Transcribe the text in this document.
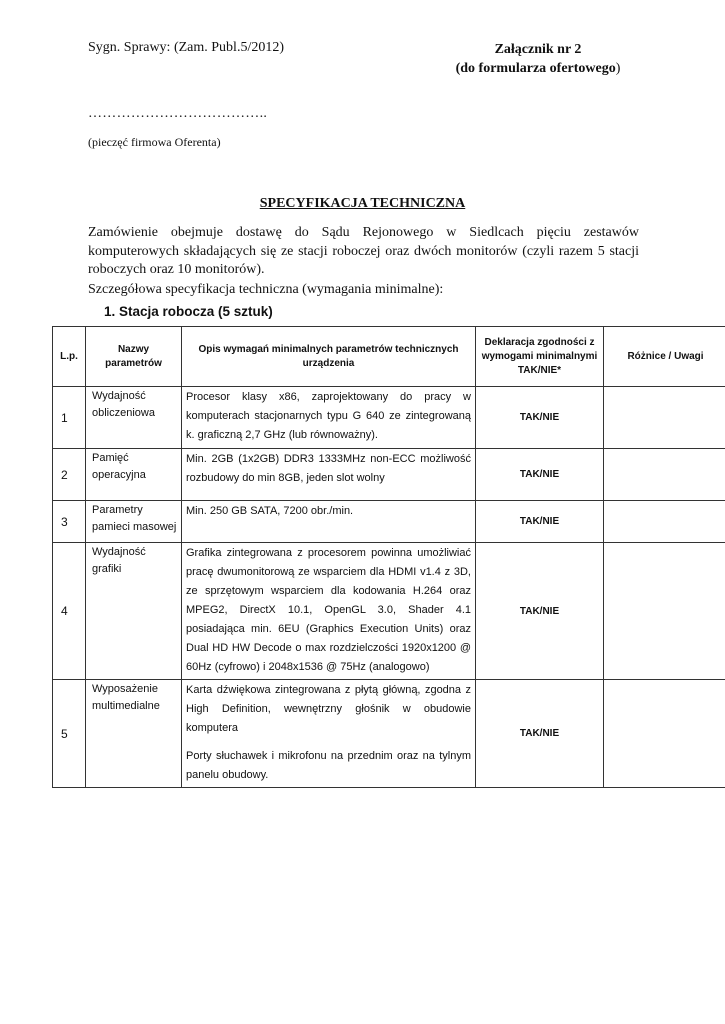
Sygn. Sprawy: (Zam. Publ.5/2012)	Załącznik nr 2
(do formularza ofertowego)
………………………………..
(pieczęć firmowa Oferenta)
SPECYFIKACJA TECHNICZNA
Zamówienie obejmuje dostawę do Sądu Rejonowego w Siedlcach pięciu zestawów komputerowych składających się ze stacji roboczej oraz dwóch monitorów (czyli razem 5 stacji roboczych oraz 10 monitorów).
Szczegółowa specyfikacja techniczna (wymagania minimalne):
1. Stacja robocza (5 sztuk)
L.p.	Nazwy parametrów	Opis wymagań minimalnych parametrów technicznych urządzenia	Deklaracja zgodności z wymogami minimalnymi TAK/NIE*	Różnice / Uwagi
1	Wydajność obliczeniowa	Procesor klasy x86, zaprojektowany do pracy w komputerach stacjonarnych typu G 640 ze zintegrowaną k. graficzną 2,7 GHz (lub równoważny).	TAK/NIE	
2	Pamięć operacyjna	Min. 2GB (1x2GB) DDR3 1333MHz non-ECC możliwość rozbudowy do min 8GB, jeden slot wolny	TAK/NIE	
3	Parametry pamieci masowej	Min. 250 GB SATA, 7200 obr./min.	TAK/NIE	
4	Wydajność grafiki	Grafika zintegrowana z procesorem powinna umożliwiać pracę dwumonitorową ze wsparciem dla HDMI v1.4 z 3D, ze sprzętowym wsparciem dla kodowania H.264 oraz MPEG2, DirectX 10.1, OpenGL 3.0, Shader 4.1 posiadająca min. 6EU (Graphics Execution Units) oraz Dual HD HW Decode o max rozdzielczości 1920x1200 @ 60Hz (cyfrowo) i 2048x1536 @ 75Hz (analogowo)	TAK/NIE	
5	Wyposażenie multimedialne	Karta dźwiękowa zintegrowana z płytą główną, zgodna z High Definition, wewnętrzny głośnik w obudowie komputera

Porty słuchawek i mikrofonu na przednim oraz na tylnym panelu obudowy.	TAK/NIE	
